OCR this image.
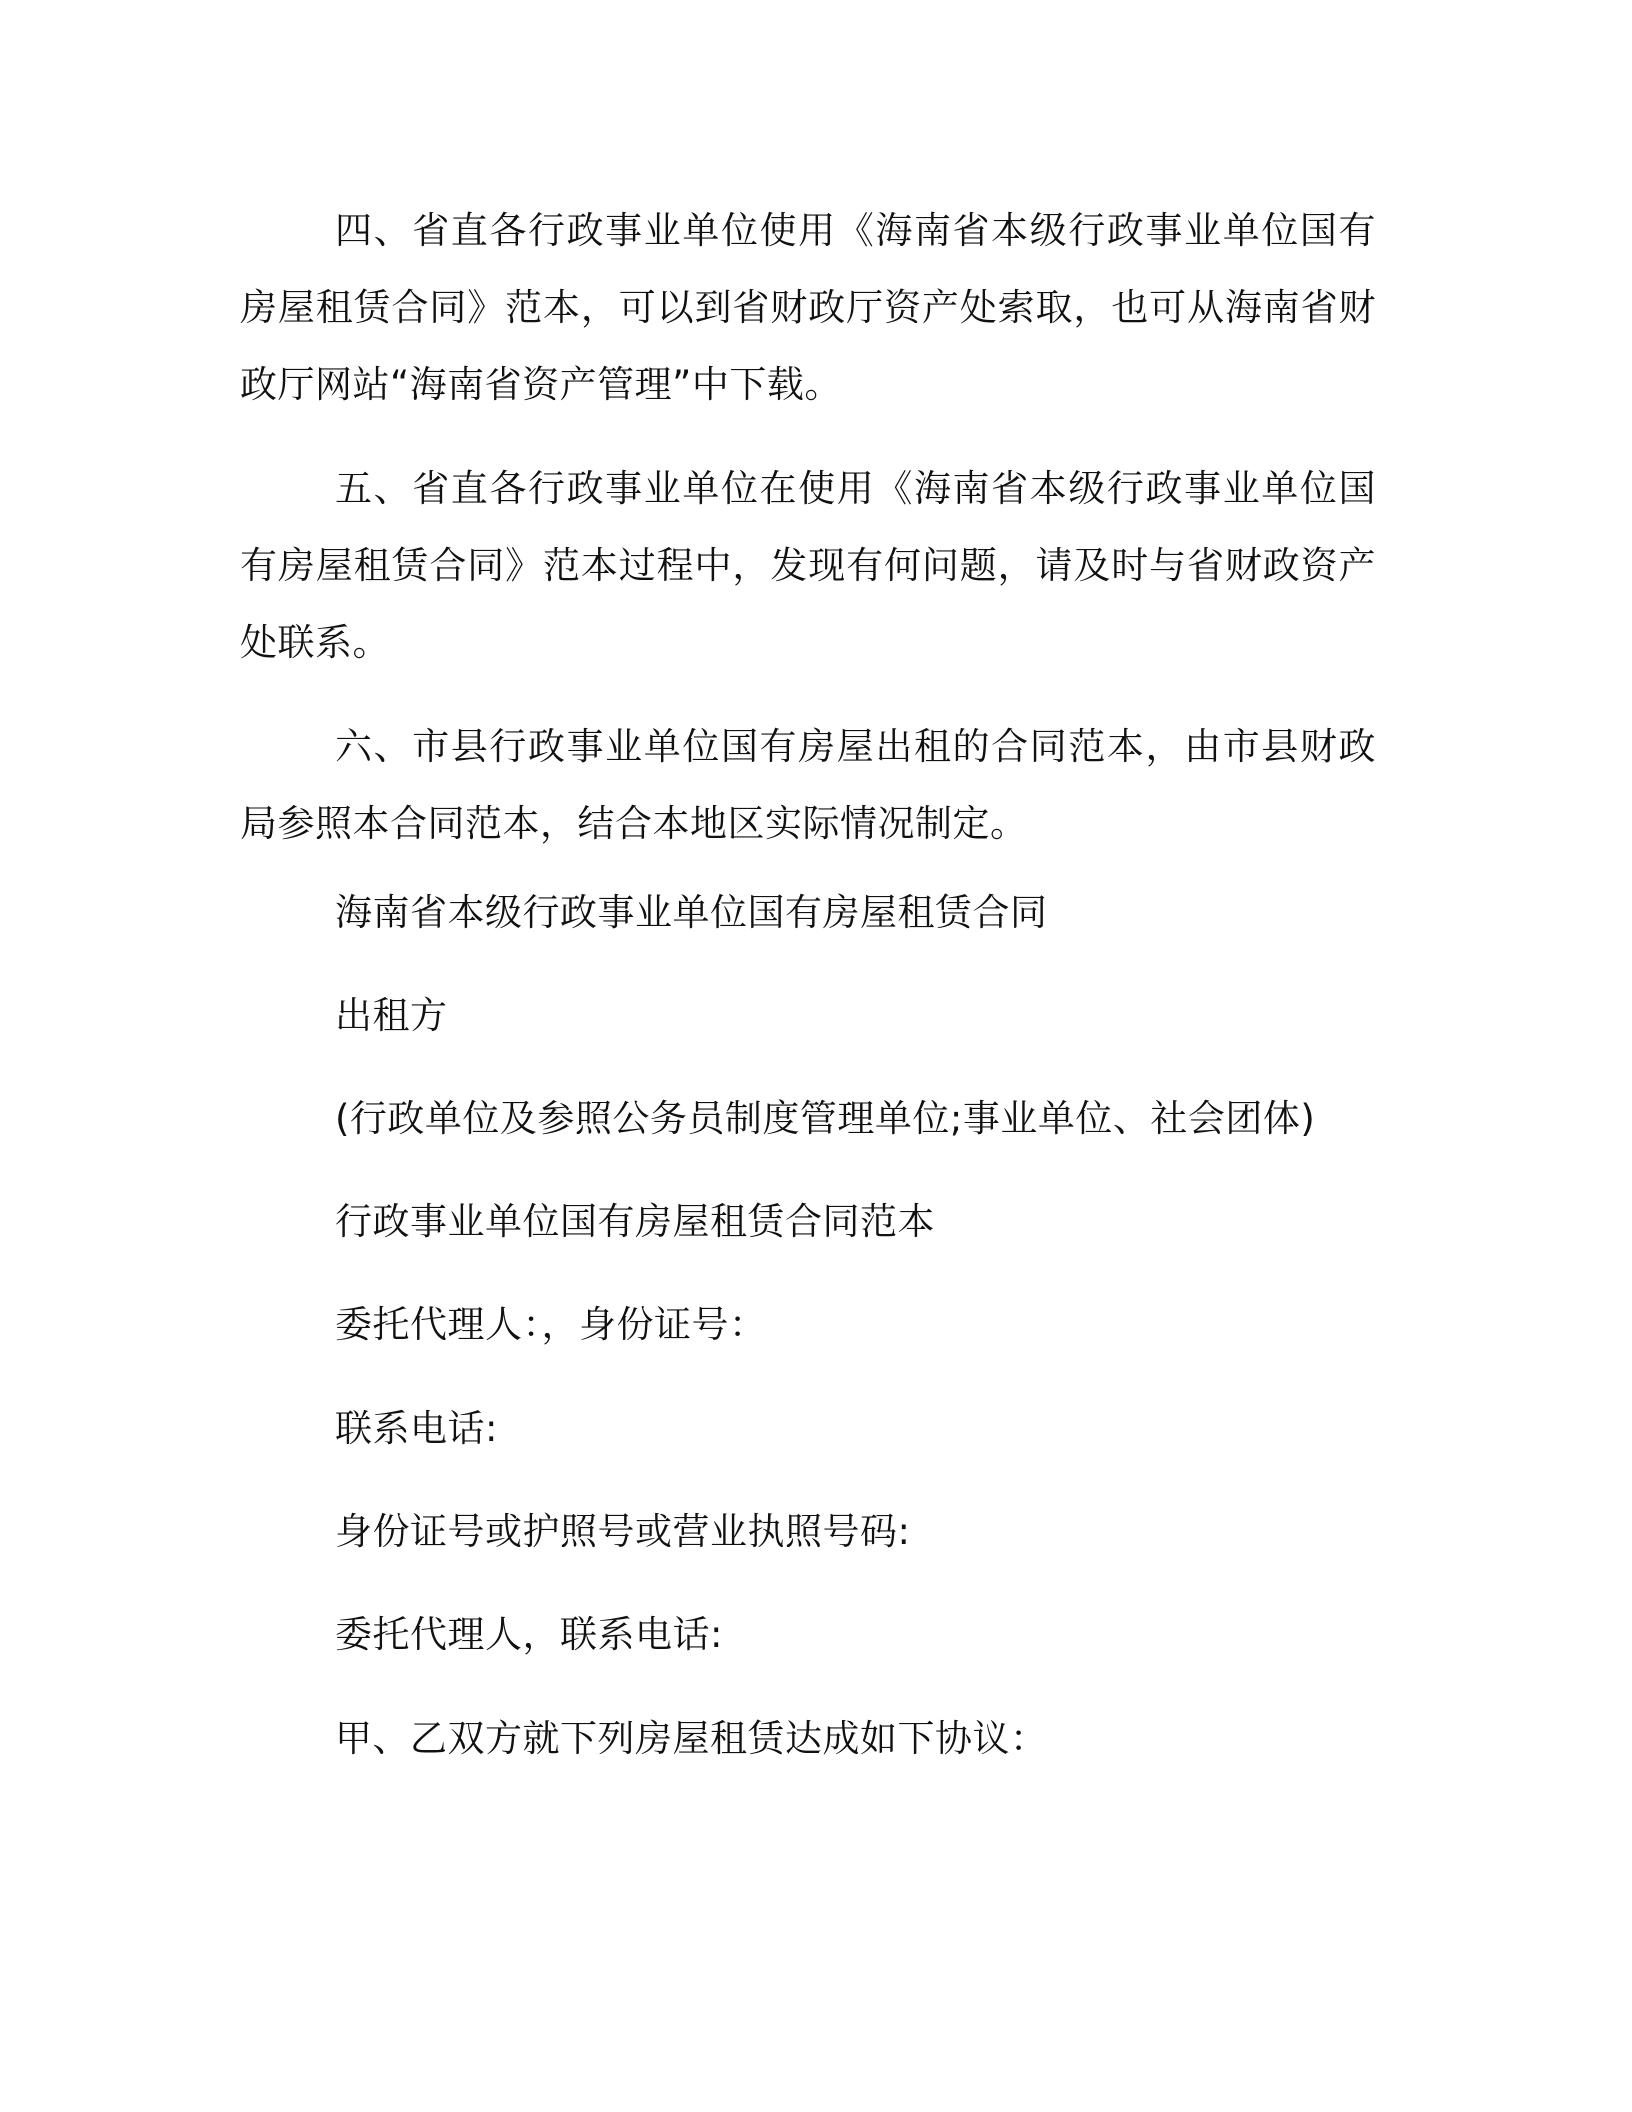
四、省直各行政事业单位使用《海南省本级行政事业单位国有房屋租赁合同》范本，可以到省财政厅资产处索取，也可从海南省财政厅网站“海南省资产管理”中下载。

五、省直各行政事业单位在使用《海南省本级行政事业单位国有房屋租赁合同》范本过程中，发现有何问题，请及时与省财政资产处联系。

六、市县行政事业单位国有房屋出租的合同范本，由市县财政局参照本合同范本，结合本地区实际情况制定。

海南省本级行政事业单位国有房屋租赁合同

出租方

(行政单位及参照公务员制度管理单位;事业单位、社会团体)

行政事业单位国有房屋租赁合同范本

委托代理人：，身份证号：

联系电话:

身份证号或护照号或营业执照号码:

委托代理人，联系电话:

甲、乙双方就下列房屋租赁达成如下协议：
